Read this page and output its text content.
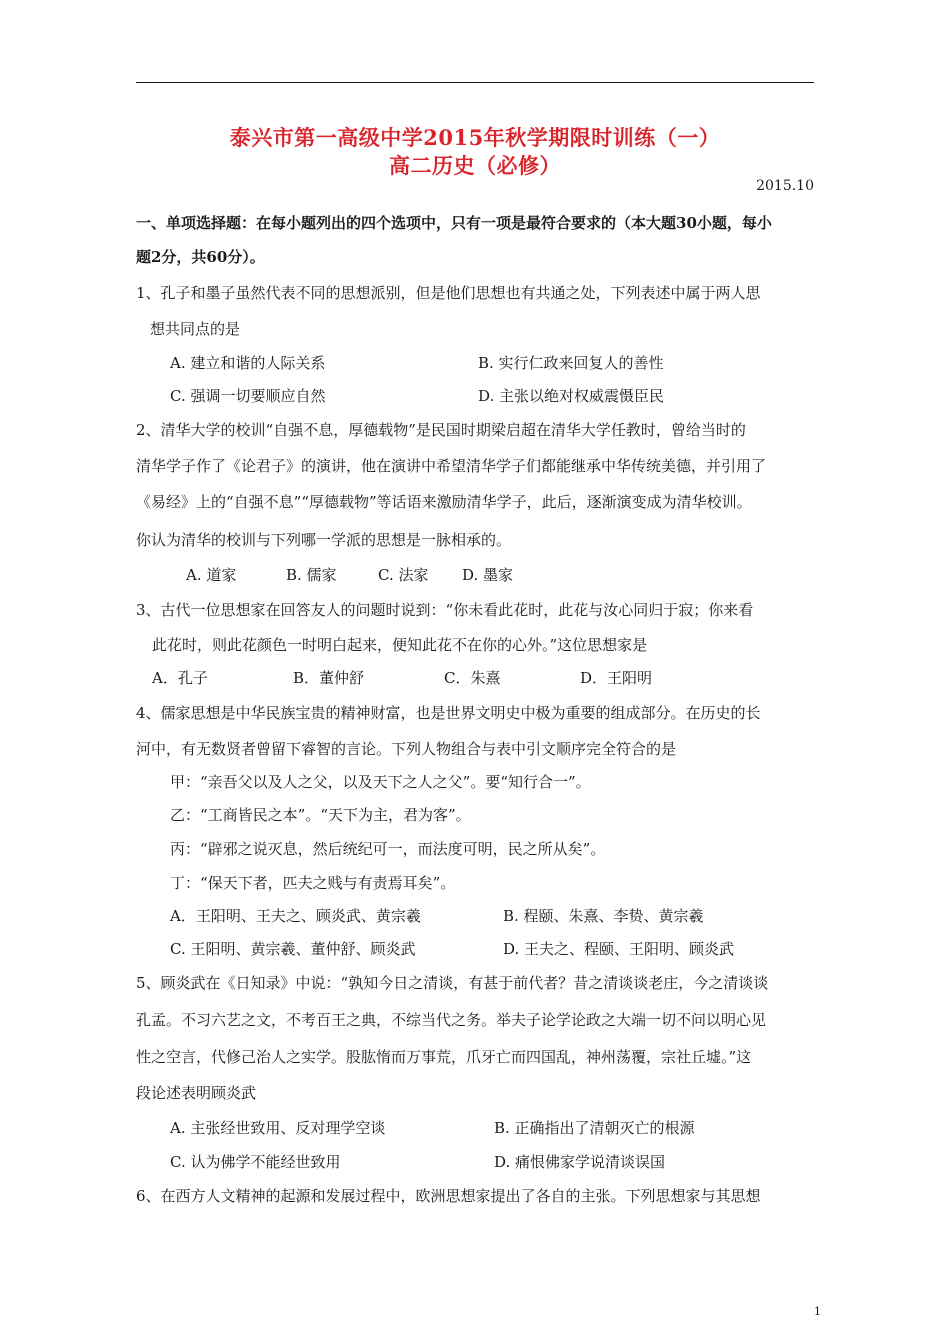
泰兴市第一高级中学2015年秋学期限时训练（一）
高二历史（必修）
2015.10
一、单项选择题：在每小题列出的四个选项中，只有一项是最符合要求的（本大题30小题，每小
题2分，共60分）。
1、孔子和墨子虽然代表不同的思想派别，但是他们思想也有共通之处，下列表述中属于两人思
想共同点的是
A. 建立和谐的人际关系	B. 实行仁政来回复人的善性
C. 强调一切要顺应自然	D. 主张以绝对权威震慑臣民
2、清华大学的校训“自强不息，厚德载物”是民国时期梁启超在清华大学任教时，曾给当时的
清华学子作了《论君子》的演讲，他在演讲中希望清华学子们都能继承中华传统美德，并引用了
《易经》上的“自强不息”“厚德载物”等话语来激励清华学子，此后，逐渐演变成为清华校训。
你认为清华的校训与下列哪一学派的思想是一脉相承的。
A. 道家	B. 儒家	C. 法家 D. 墨家
3、古代一位思想家在回答友人的问题时说到：“你未看此花时，此花与汝心同归于寂；你来看
此花时，则此花颜色一时明白起来，便知此花不在你的心外。”这位思想家是
A．孔子	B．董仲舒	C．朱熹	D．王阳明
4、儒家思想是中华民族宝贵的精神财富，也是世界文明史中极为重要的组成部分。在历史的长
河中，有无数贤者曾留下睿智的言论。下列人物组合与表中引文顺序完全符合的是
甲：“亲吾父以及人之父，以及天下之人之父”。要“知行合一”。
乙：“工商皆民之本”。“天下为主，君为客”。
丙：“辟邪之说灭息，然后统纪可一，而法度可明，民之所从矣”。
丁：“保天下者，匹夫之贱与有责焉耳矣”。
A．王阳明、王夫之、顾炎武、黄宗羲	B. 程颐、朱熹、李贽、黄宗羲
C. 王阳明、黄宗羲、董仲舒、顾炎武	D. 王夫之、程颐、王阳明、顾炎武
5、顾炎武在《日知录》中说：“孰知今日之清谈，有甚于前代者？昔之清谈谈老庄，今之清谈谈
孔孟。不习六艺之文，不考百王之典，不综当代之务。举夫子论学论政之大端一切不问以明心见
性之空言，代修己治人之实学。股肱惰而万事荒，爪牙亡而四国乱，神州荡覆，宗社丘墟。”这
段论述表明顾炎武
A. 主张经世致用、反对理学空谈	B. 正确指出了清朝灭亡的根源
C. 认为佛学不能经世致用	D. 痛恨佛家学说清谈误国
6、在西方人文精神的起源和发展过程中，欧洲思想家提出了各自的主张。下列思想家与其思想
1
